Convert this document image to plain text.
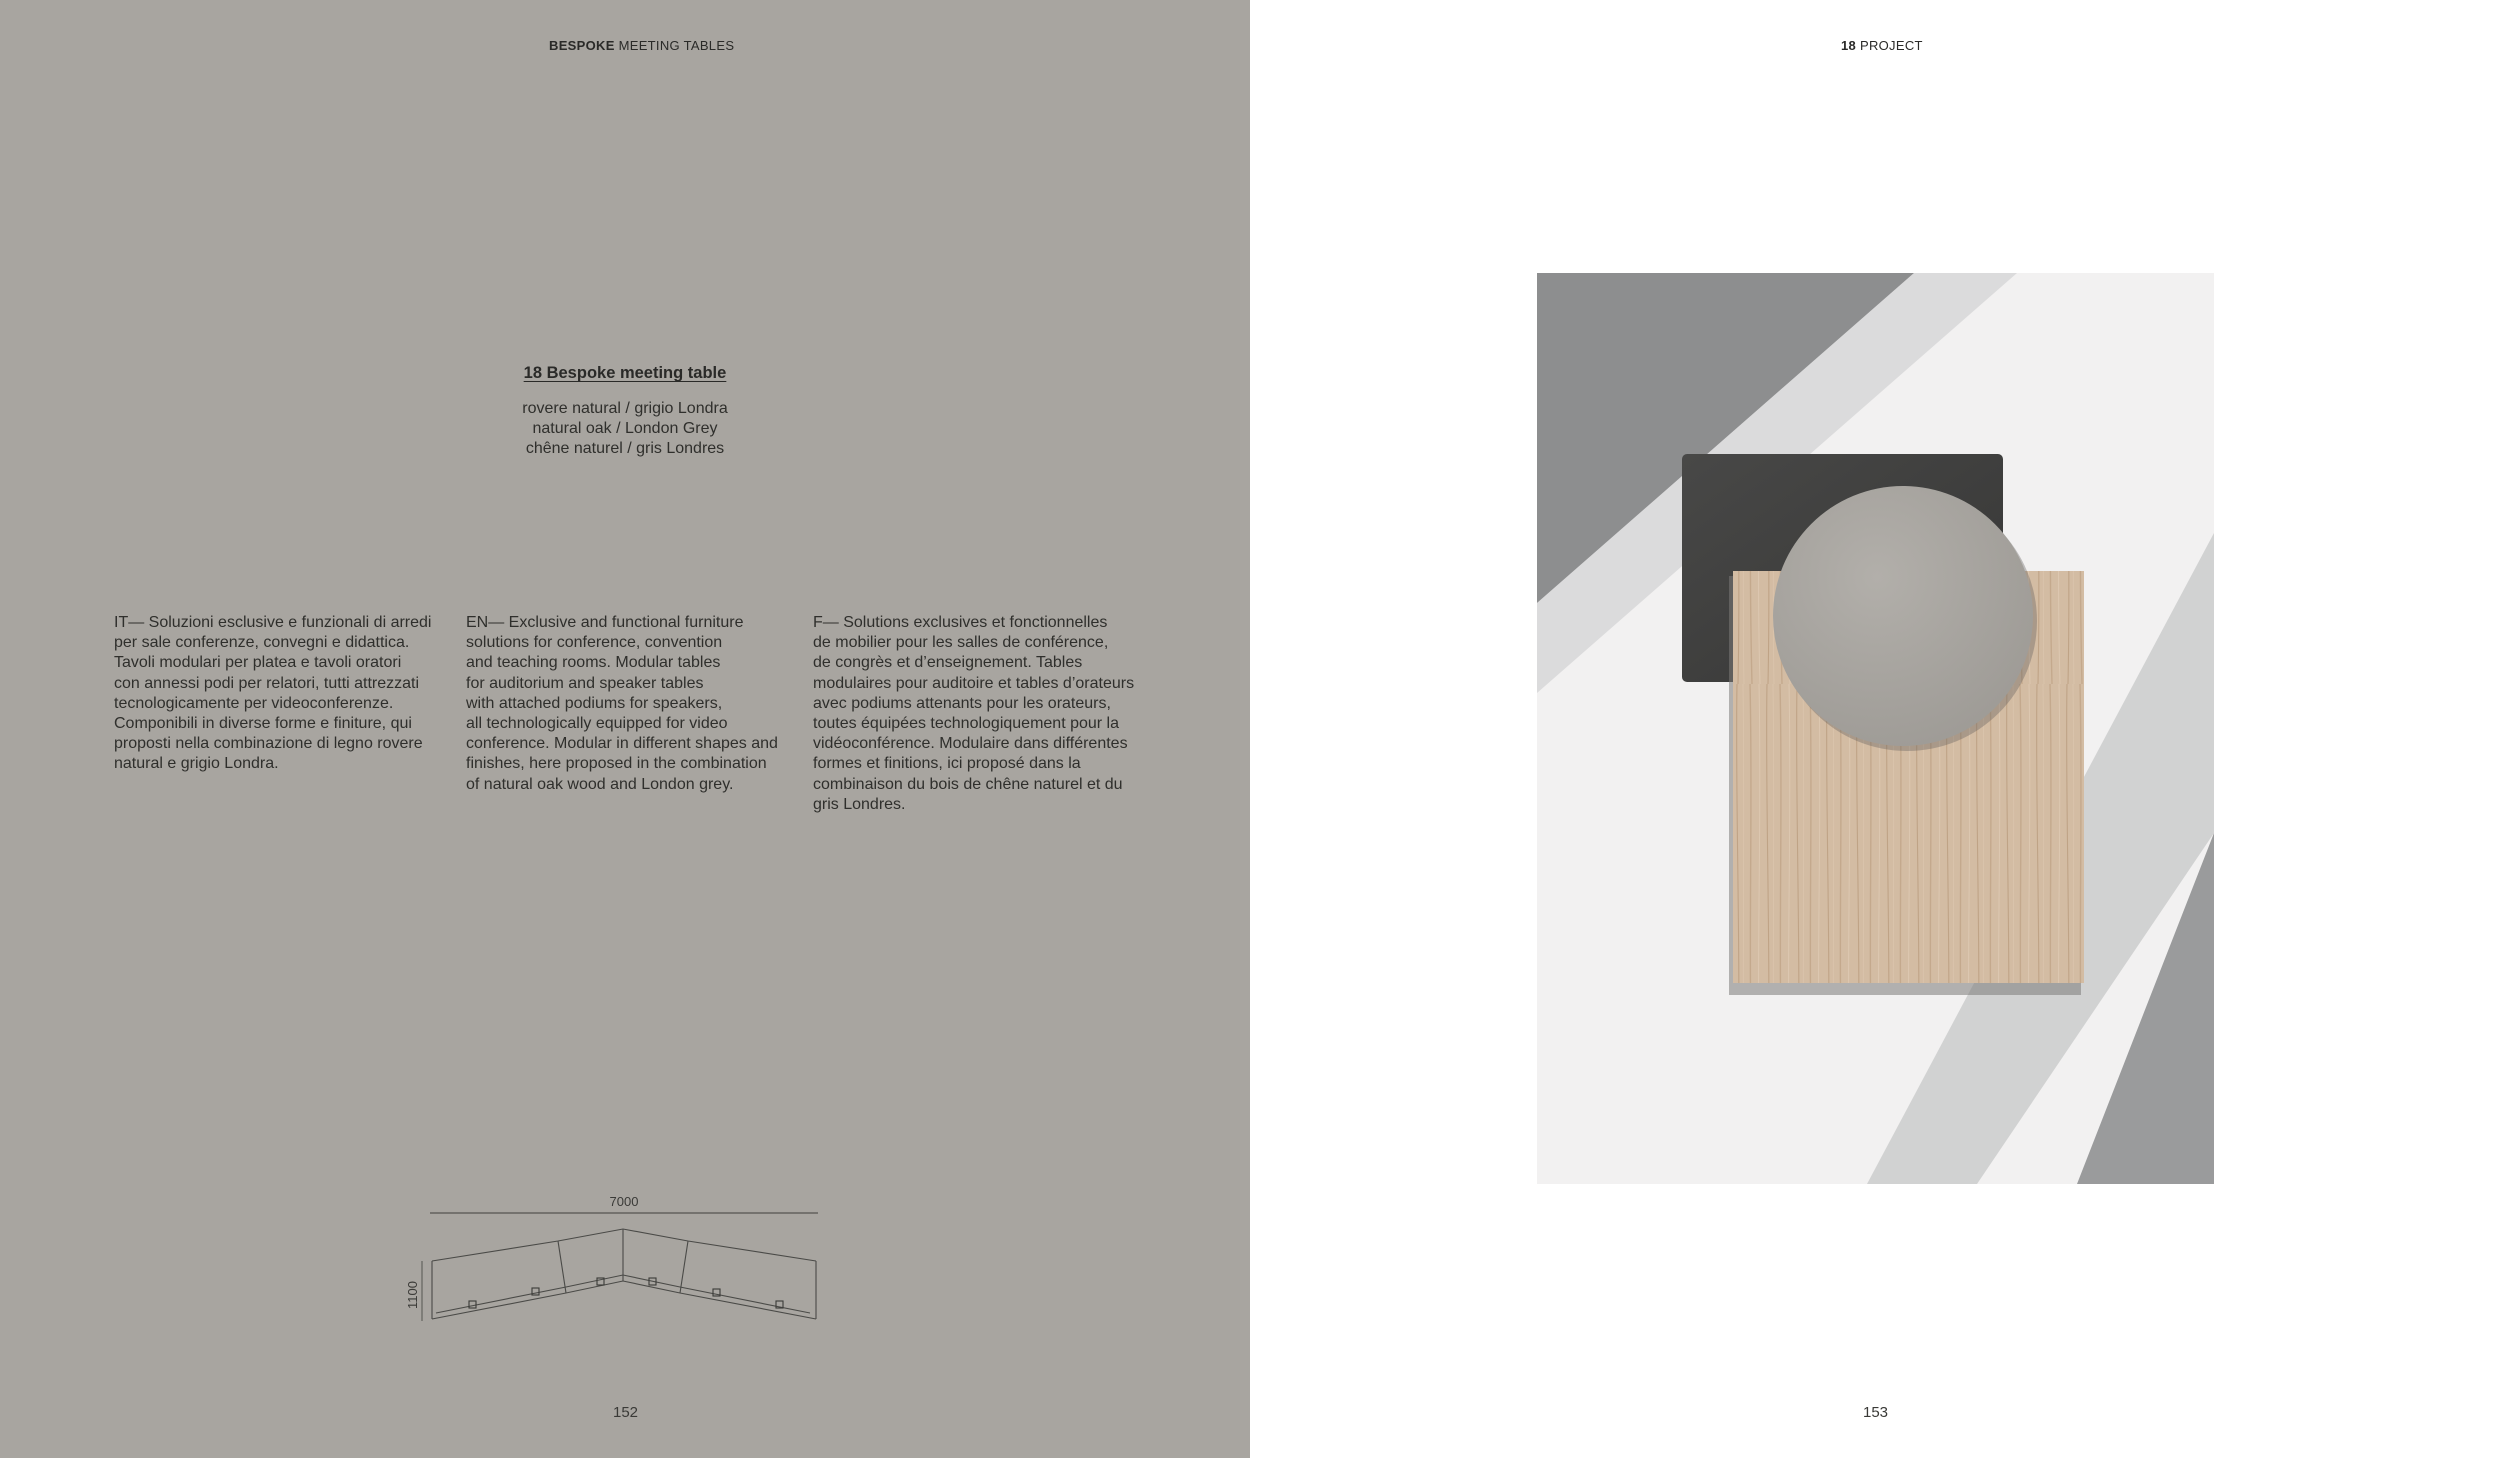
BESPOKE MEETING TABLES
18 Bespoke meeting table
rovere natural / grigio Londra
natural oak / London Grey
chêne naturel / gris Londres
IT— Soluzioni esclusive e funzionali di arredi
per sale conferenze, convegni e didattica.
Tavoli modulari per platea e tavoli oratori
con annessi podi per relatori, tutti attrezzati
tecnologicamente per videoconferenze.
Componibili in diverse forme e finiture, qui
proposti nella combinazione di legno rovere
natural e grigio Londra.
EN— Exclusive and functional furniture
solutions for conference, convention
and teaching rooms. Modular tables
for auditorium and speaker tables
with attached podiums for speakers,
all technologically equipped for video
conference. Modular in different shapes and
finishes, here proposed in the combination
of natural oak wood and London grey.
F— Solutions exclusives et fonctionnelles
de mobilier pour les salles de conférence,
de congrès et d’enseignement. Tables
modulaires pour auditoire et tables d’orateurs
avec podiums attenants pour les orateurs,
toutes équipées technologiquement pour la
vidéoconférence. Modulaire dans différentes
formes et finitions, ici proposé dans la
combinaison du bois de chêne naturel et du
gris Londres.
7000
1100
152
18 PROJECT
153
